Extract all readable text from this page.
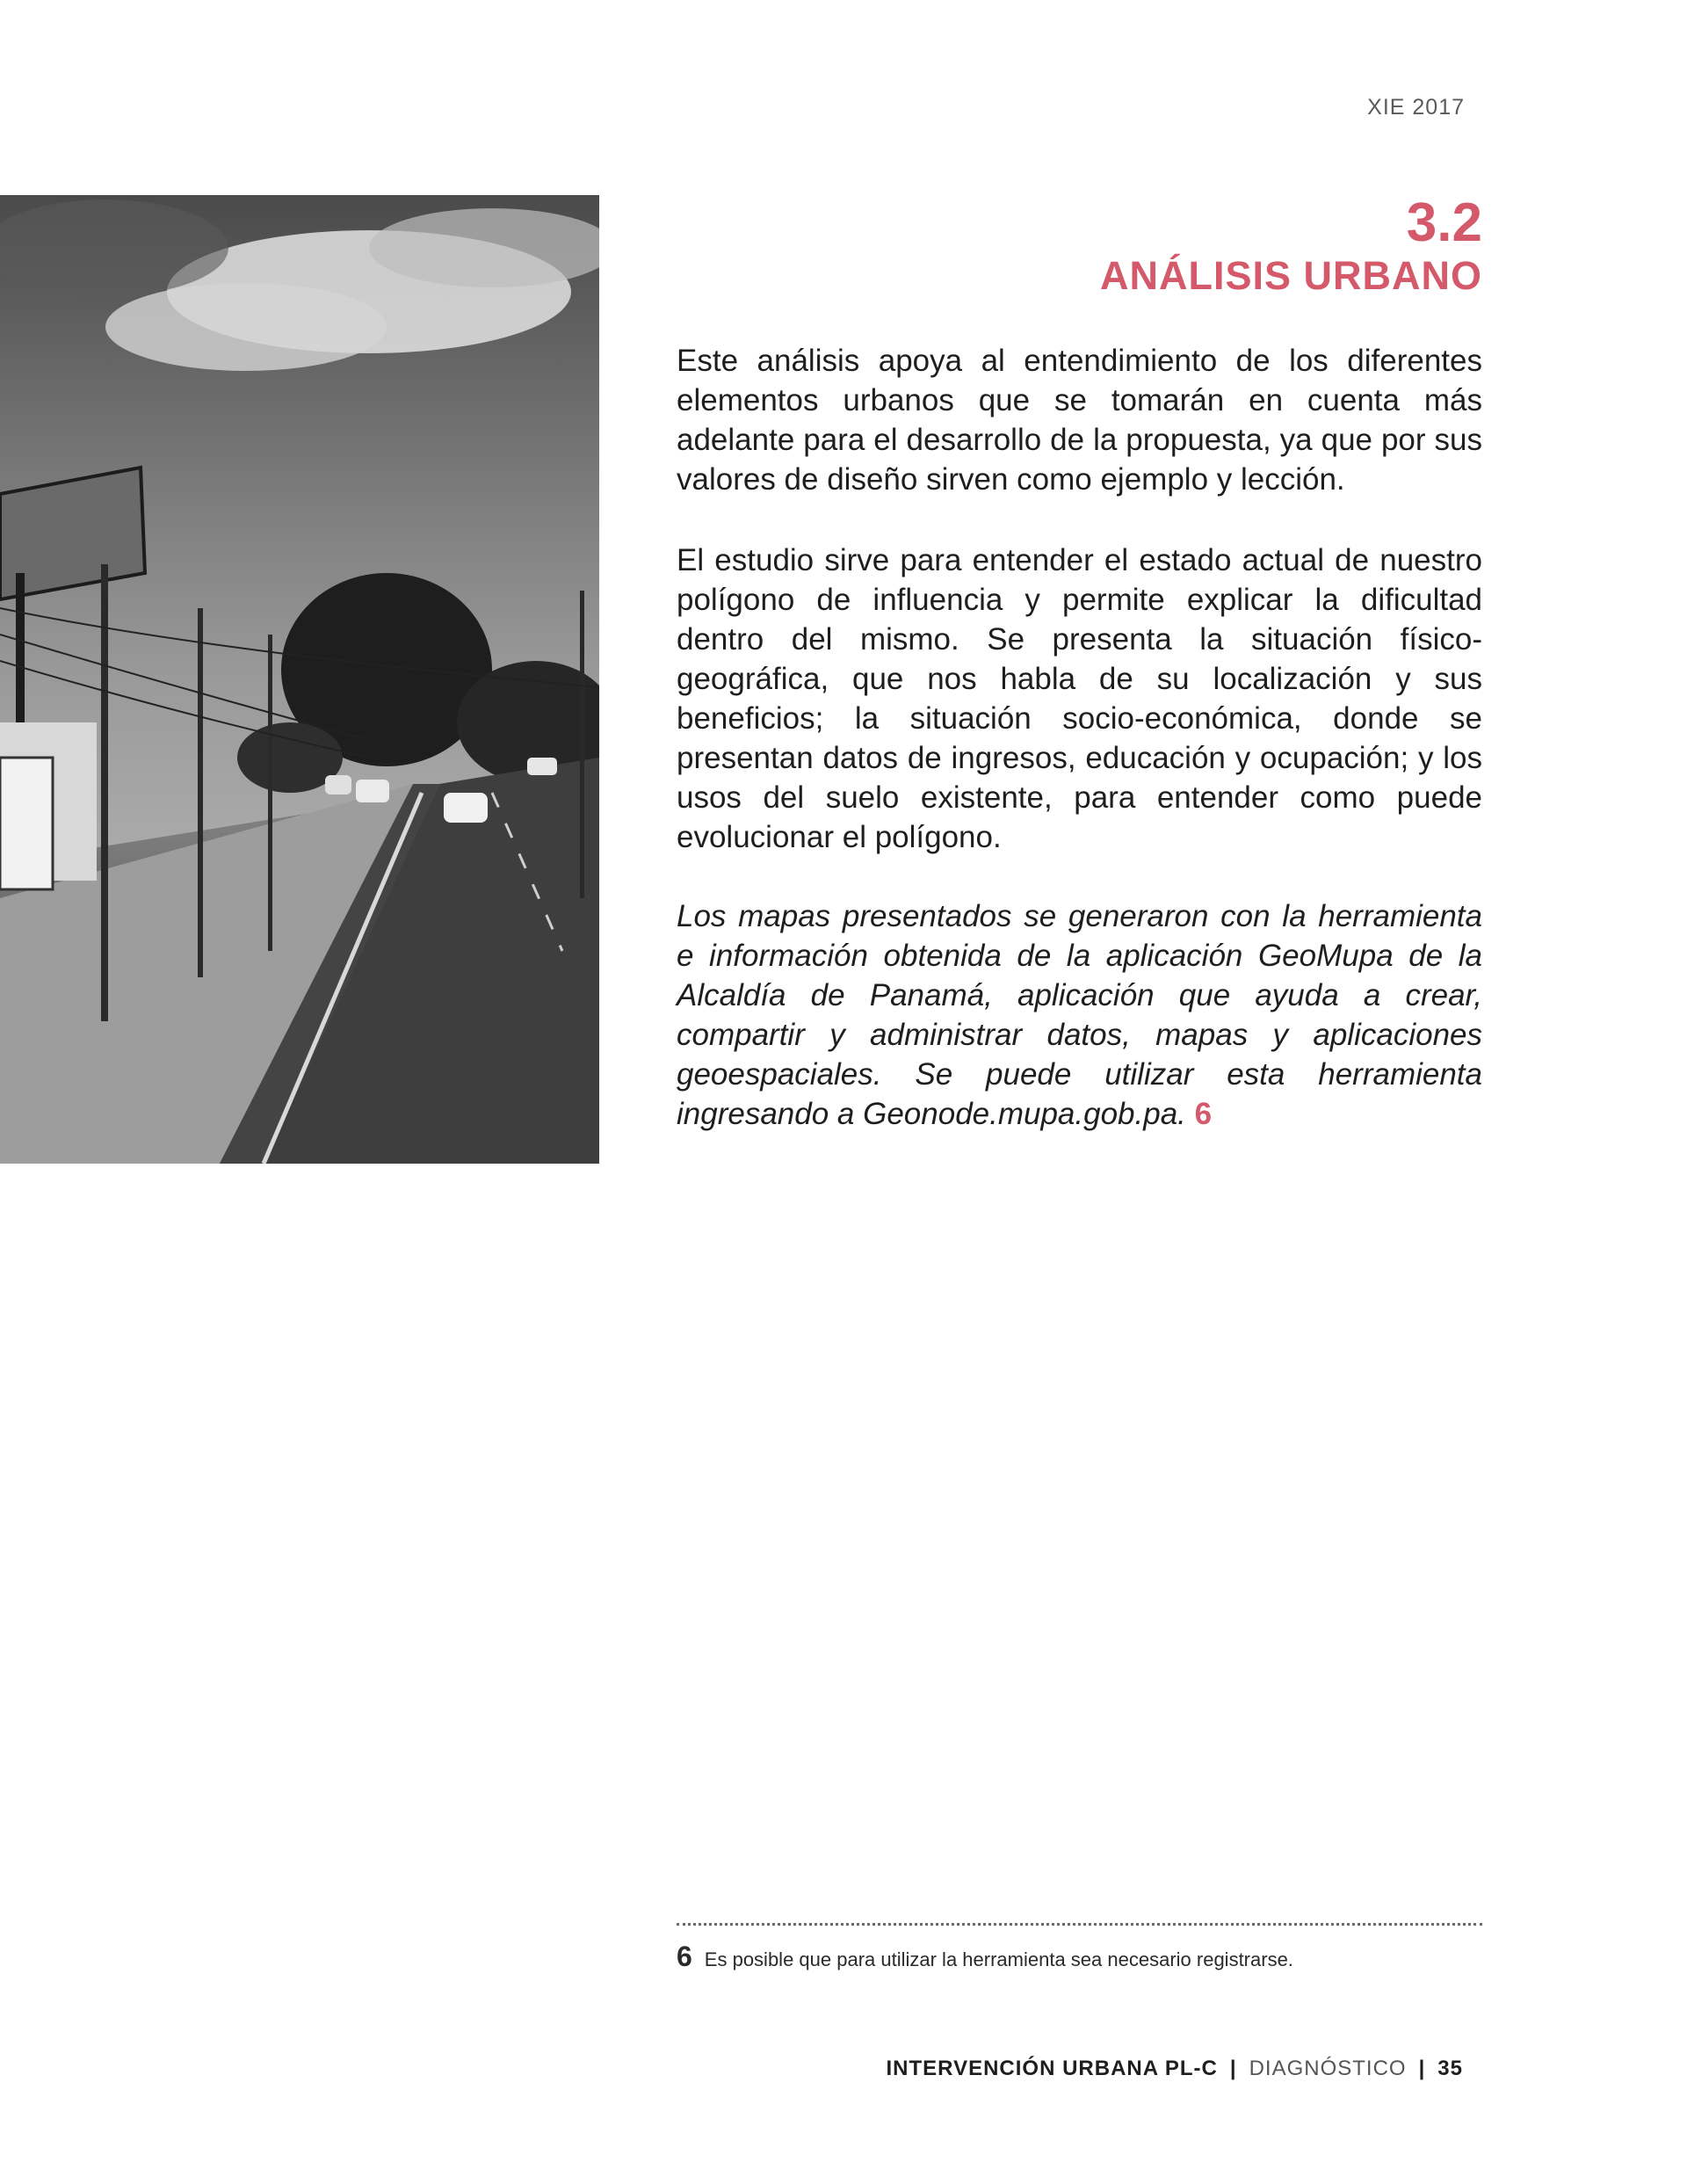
XIE 2017
3.2
ANÁLISIS URBANO

Este análisis apoya al entendimiento de los diferentes elementos urbanos que se tomarán en cuenta más adelante para el desarrollo de la propuesta, ya que por sus valores de diseño sirven como ejemplo y lección.

El estudio sirve para entender el estado actual de nuestro polígono de influencia y permite explicar la dificultad dentro del mismo. Se presenta la situación físico-geográfica, que nos habla de su localización y sus beneficios; la situación socio-económica, donde se presentan datos de ingresos, educación y ocupación; y los usos del suelo existente, para entender como puede evolucionar el polígono.

Los mapas presentados se generaron con la herramienta e información obtenida de la aplicación GeoMupa de la Alcaldía de Panamá, aplicación que ayuda a crear, compartir y administrar datos, mapas y aplicaciones geoespaciales. Se puede utilizar esta herramienta ingresando a Geonode.mupa.gob.pa. 6

6 Es posible que para utilizar la herramienta sea necesario registrarse.
INTERVENCIÓN URBANA PL-C | DIAGNÓSTICO | 35
